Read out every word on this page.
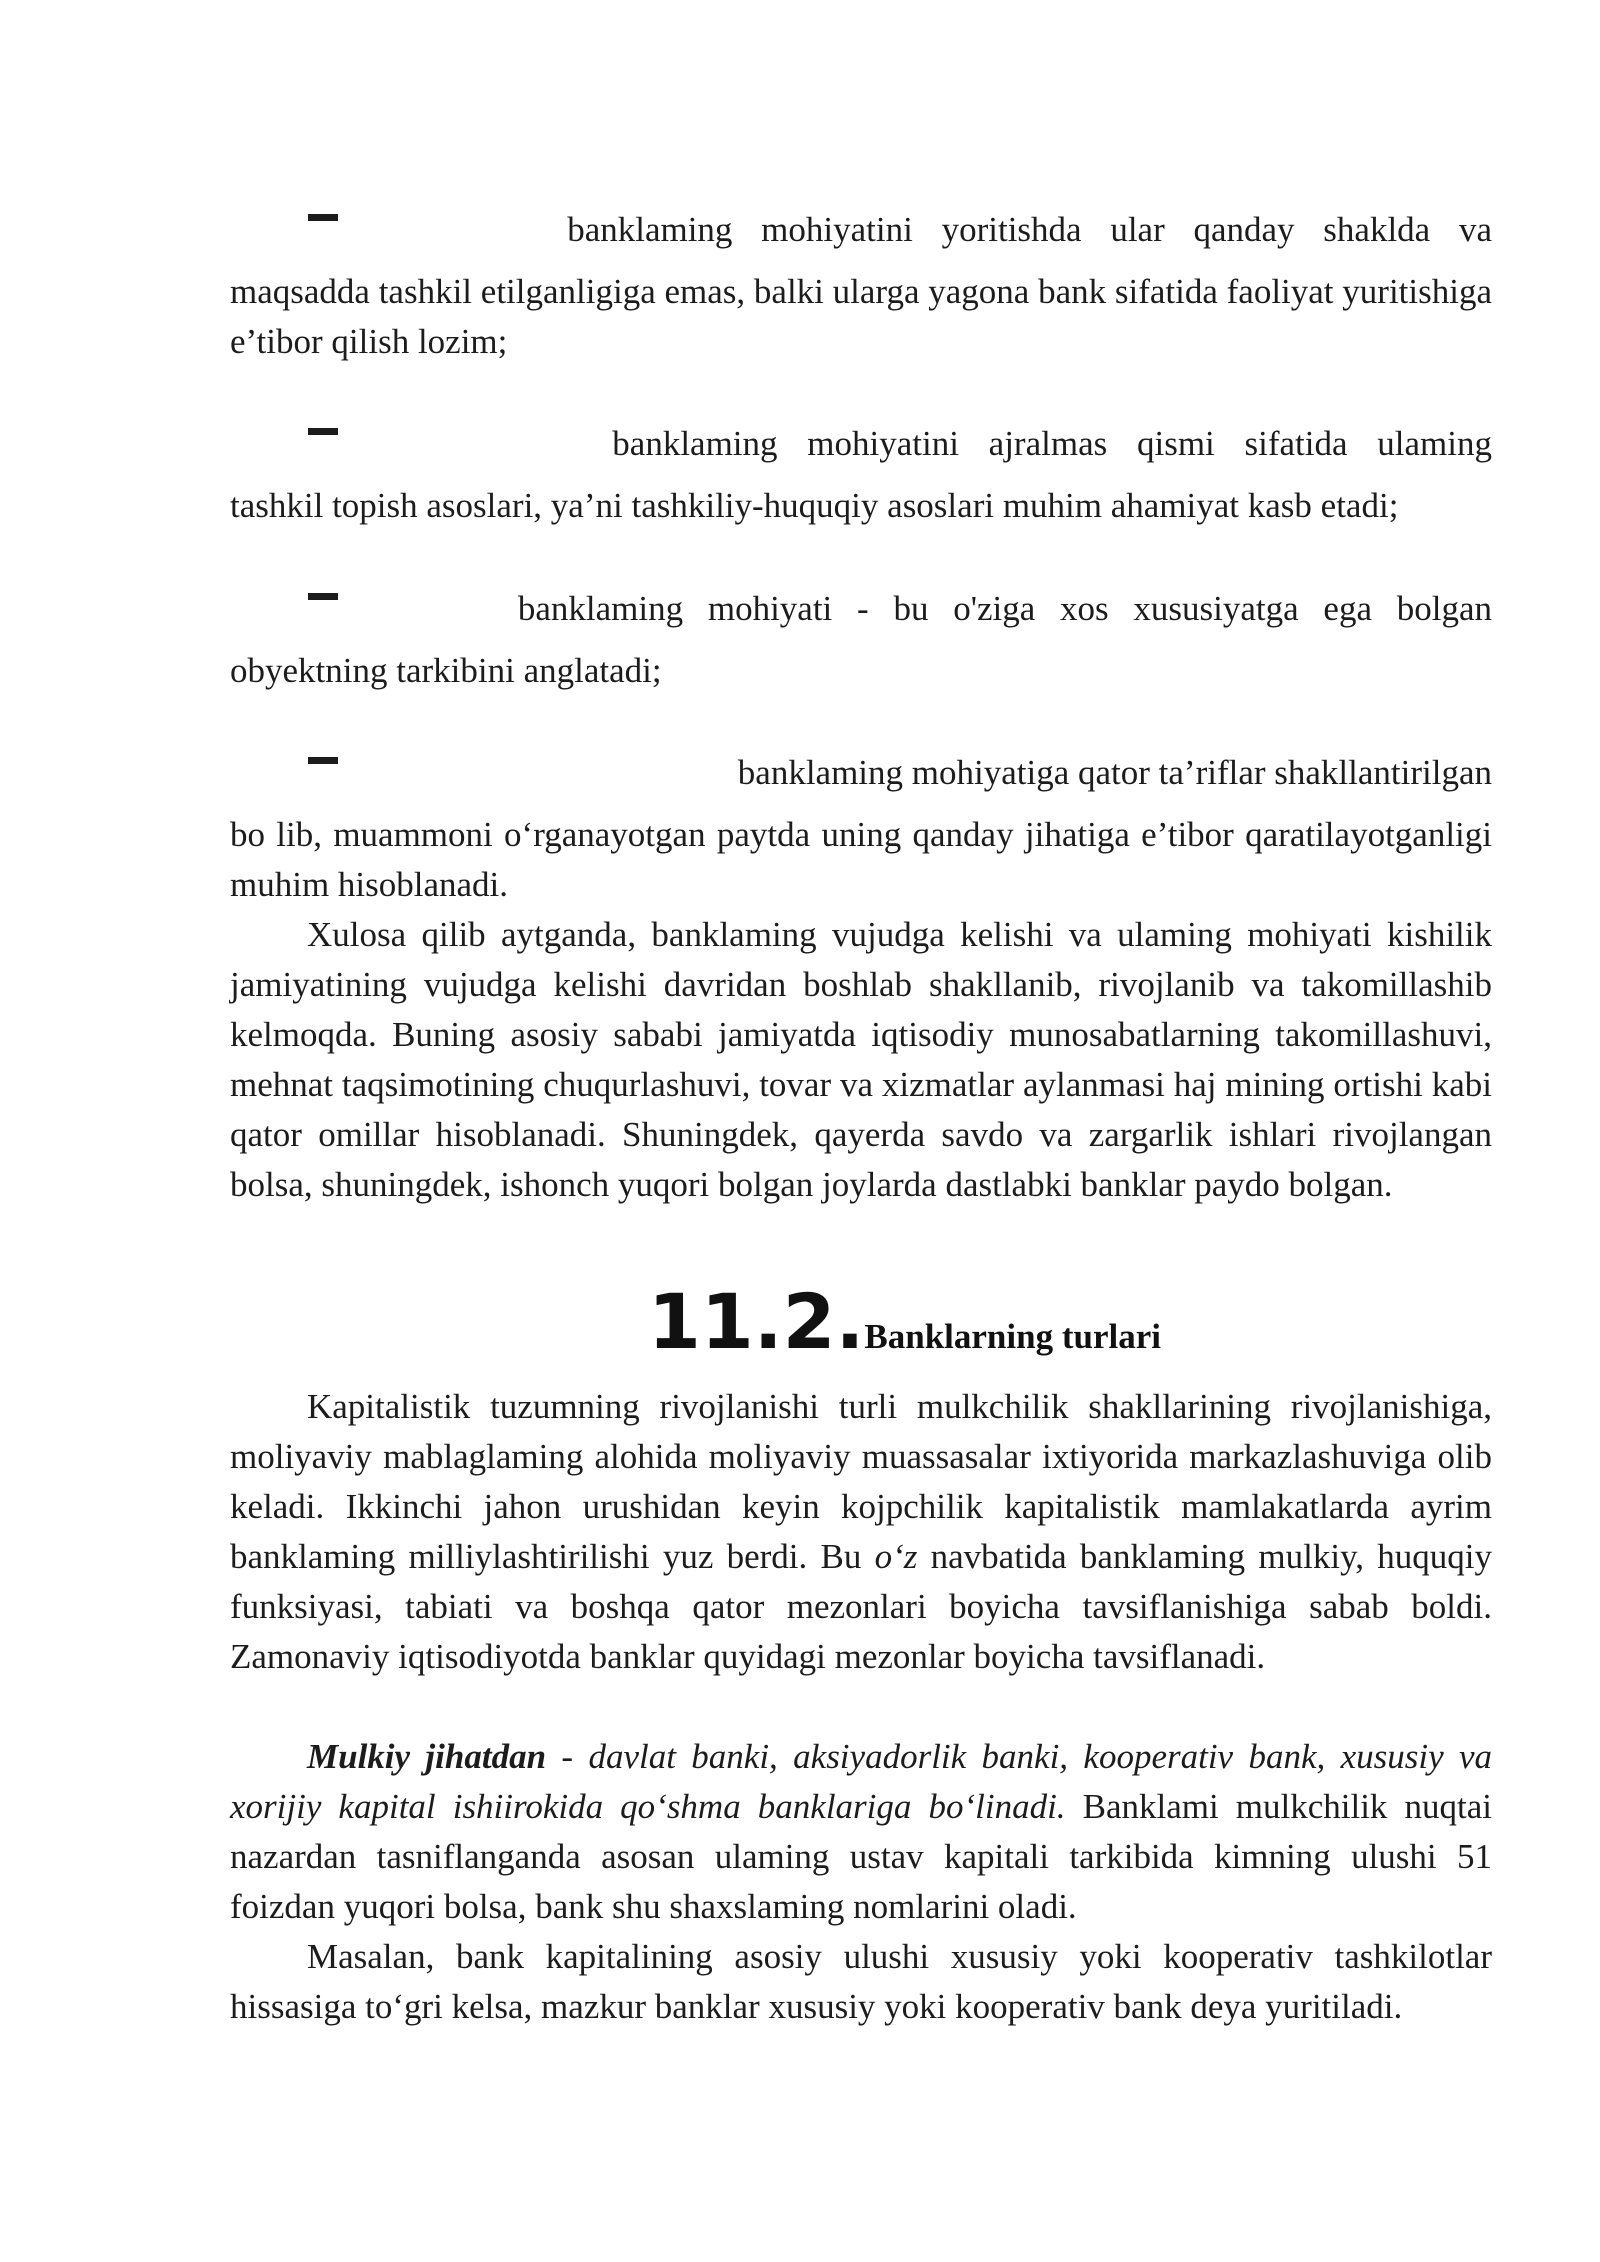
banklaming mohiyatini yoritishda ular qanday shaklda va
maqsadda tashkil etilganligiga emas, balki ularga yagona bank sifatida faoliyat yuritishiga e’tibor qilish lozim;
banklaming mohiyatini ajralmas qismi sifatida ulaming
tashkil topish asoslari, ya’ni tashkiliy-huquqiy asoslari muhim ahamiyat kasb etadi;
banklaming mohiyati - bu o'ziga xos xususiyatga ega bolgan
obyektning tarkibini anglatadi;
banklaming mohiyatiga qator ta’riflar shakllantirilgan
bo lib, muammoni o‘rganayotgan paytda uning qanday jihatiga e’tibor qaratilayotganligi muhim hisoblanadi.
Xulosa qilib aytganda, banklaming vujudga kelishi va ulaming mohiyati kishilik jamiyatining vujudga kelishi davridan boshlab shakllanib, rivojlanib va takomillashib kelmoqda. Buning asosiy sababi jamiyatda iqtisodiy munosabatlarning takomillashuvi, mehnat taqsimotining chuqurlashuvi, tovar va xizmatlar aylanmasi haj mining ortishi kabi qator omillar hisoblanadi. Shuningdek, qayerda savdo va zargarlik ishlari rivojlangan bolsa, shuningdek, ishonch yuqori bolgan joylarda dastlabki banklar paydo bolgan.
11.2.Banklarning turlari
Kapitalistik tuzumning rivojlanishi turli mulkchilik shakllarining rivojlanishiga, moliyaviy mablaglaming alohida moliyaviy muassasalar ixtiyorida markazlashuviga olib keladi. Ikkinchi jahon urushidan keyin kojpchilik kapitalistik mamlakatlarda ayrim banklaming milliylashtirilishi yuz berdi. Bu o‘z navbatida banklaming mulkiy, huquqiy funksiyasi, tabiati va boshqa qator mezonlari boyicha tavsiflanishiga sabab boldi. Zamonaviy iqtisodiyotda banklar quyidagi mezonlar boyicha tavsiflanadi.
Mulkiy jihatdan - davlat banki, aksiyadorlik banki, kooperativ bank, xususiy va xorijiy kapital ishiirokida qo‘shma banklariga bo‘linadi. Banklami mulkchilik nuqtai nazardan tasniflanganda asosan ulaming ustav kapitali tarkibida kimning ulushi 51 foizdan yuqori bolsa, bank shu shaxslaming nomlarini oladi.
Masalan, bank kapitalining asosiy ulushi xususiy yoki kooperativ tashkilotlar hissasiga to‘gri kelsa, mazkur banklar xususiy yoki kooperativ bank deya yuritiladi.
